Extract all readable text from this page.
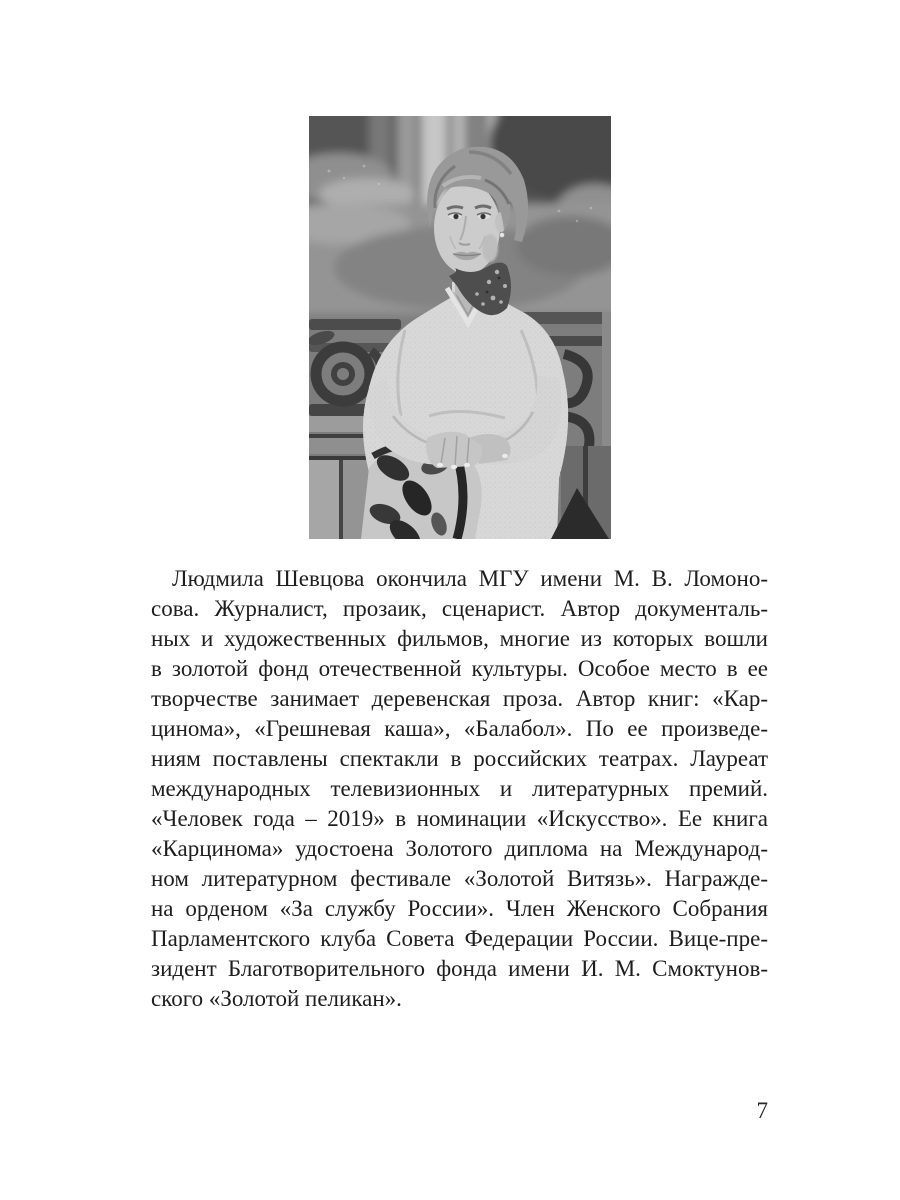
Людмила Шевцова окончила МГУ имени М. В. Ломоно-
сова. Журналист, прозаик, сценарист. Автор документаль-
ных и художественных фильмов, многие из которых вошли
в золотой фонд отечественной культуры. Особое место в ее
творчестве занимает деревенская проза. Автор книг: «Кар-
цинома», «Грешневая каша», «Балабол». По ее произведе-
ниям поставлены спектакли в российских театрах. Лауреат
международных телевизионных и литературных премий.
«Человек года – 2019» в номинации «Искусство». Ее книга
«Карцинома» удостоена Золотого диплома на Международ-
ном литературном фестивале «Золотой Витязь». Награжде-
на орденом «За службу России». Член Женского Собрания
Парламентского клуба Совета Федерации России. Вице-пре-
зидент Благотворительного фонда имени И. М. Смоктунов-
ского «Золотой пеликан».
7
